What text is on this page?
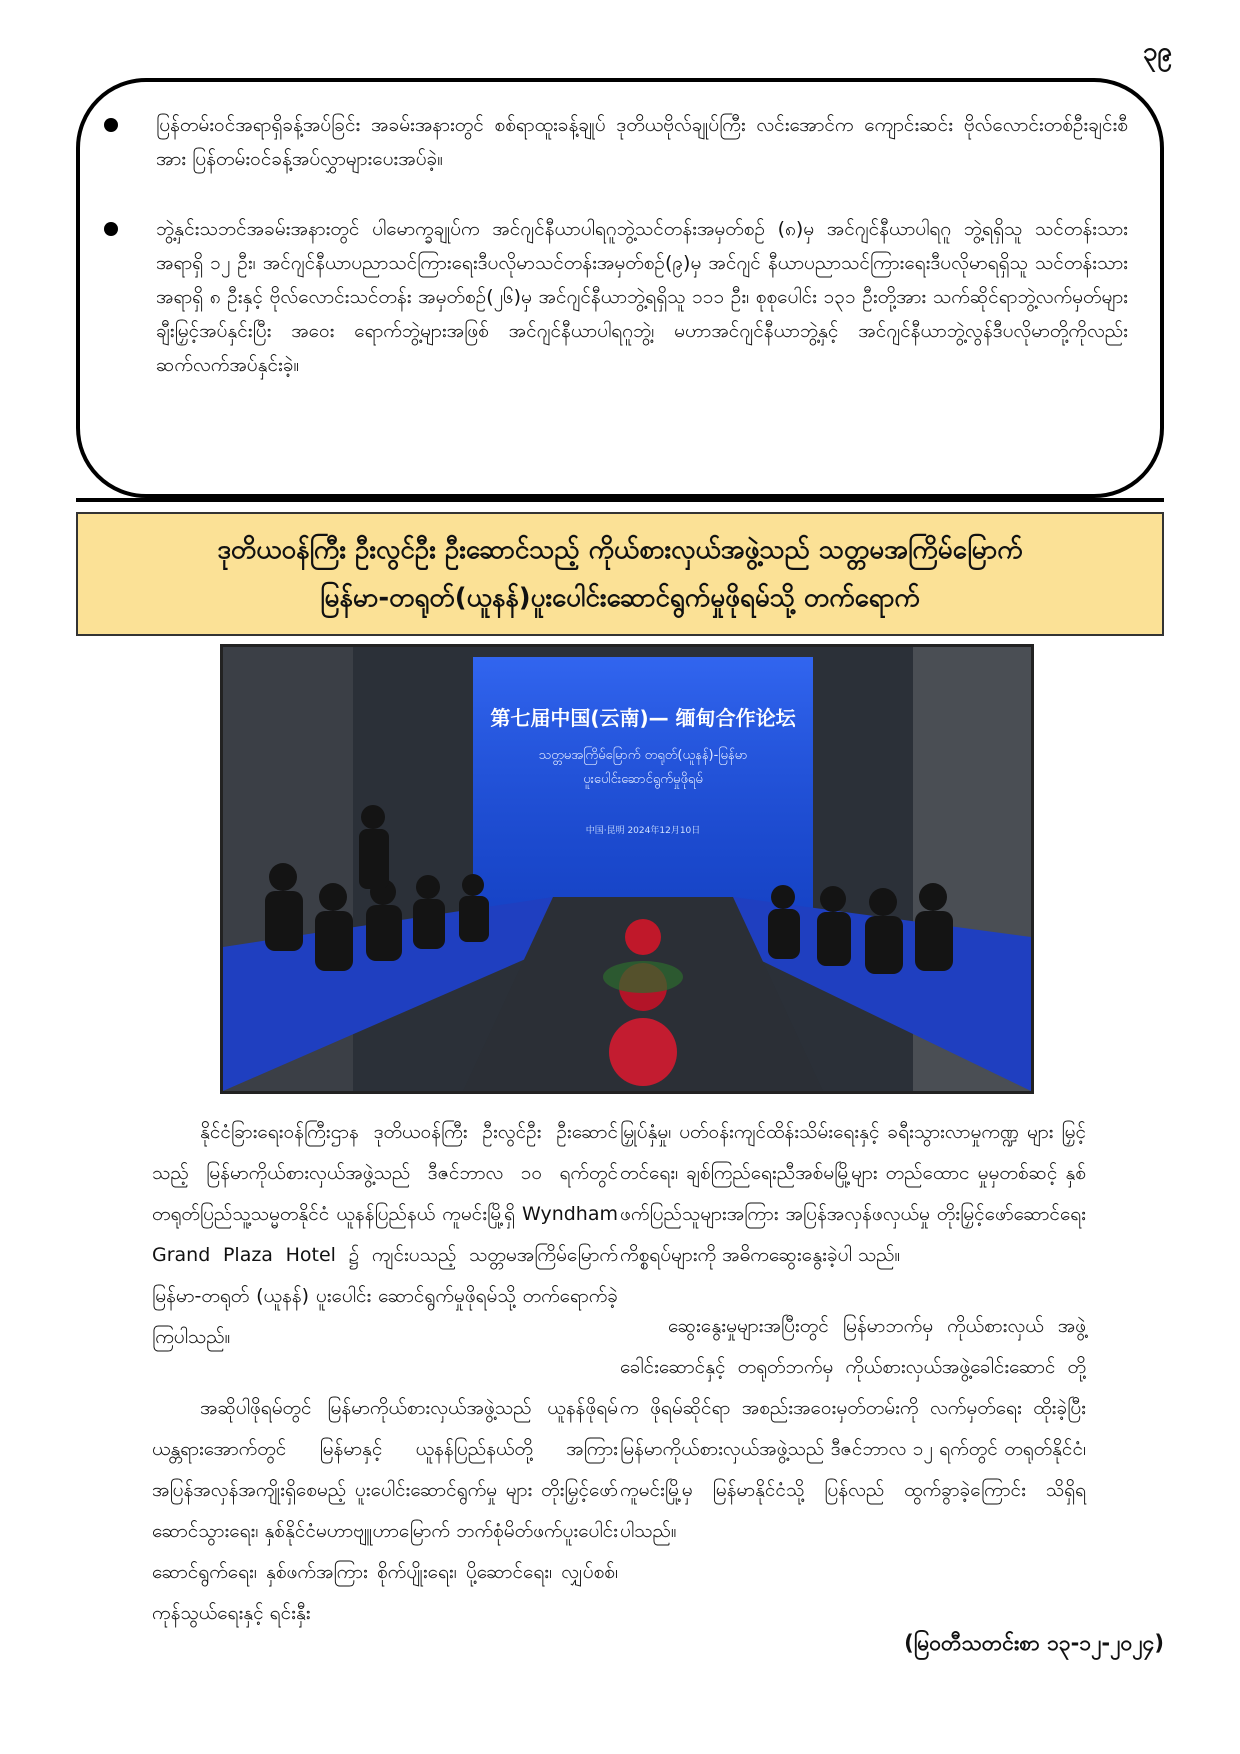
၃၉
ပြန်တမ်းဝင်အရာရှိခန့်အပ်ခြင်း အခမ်းအနားတွင် စစ်ရာထူးခန့်ချုပ် ဒုတိယဗိုလ်ချုပ်ကြီး လင်းအောင်က ကျောင်းဆင်း ဗိုလ်လောင်းတစ်ဦးချင်းစီအား ပြန်တမ်းဝင်ခန့်အပ်လွှာများပေးအပ်ခဲ့။
ဘွဲ့နှင်းသဘင်အခမ်းအနားတွင် ပါမောက္ခချုပ်က အင်ဂျင်နီယာပါရဂူဘွဲ့သင်တန်းအမှတ်စဉ် (၈)မှ အင်ဂျင်နီယာပါရဂူ ဘွဲ့ရရှိသူ သင်တန်းသားအရာရှိ ၁၂ ဦး၊ အင်ဂျင်နီယာပညာသင်ကြားရေးဒီပလိုမာသင်တန်းအမှတ်စဉ်(၉)မှ အင်ဂျင် နီယာပညာသင်ကြားရေးဒီပလိုမာရရှိသူ သင်တန်းသားအရာရှိ ၈ ဦးနှင့် ဗိုလ်လောင်းသင်တန်း အမှတ်စဉ်(၂၆)မှ အင်ဂျင်နီယာဘွဲ့ရရှိသူ ၁၁၁ ဦး၊ စုစုပေါင်း ၁၃၁ ဦးတို့အား သက်ဆိုင်ရာဘွဲ့လက်မှတ်များ ချီးမြှင့်အပ်နှင်းပြီး အဝေး ရောက်ဘွဲ့များအဖြစ် အင်ဂျင်နီယာပါရဂူဘွဲ့၊ မဟာအင်ဂျင်နီယာဘွဲ့နှင့် အင်ဂျင်နီယာဘွဲ့လွန်ဒီပလိုမာတို့ကိုလည်း ဆက်လက်အပ်နှင်းခဲ့။
ဒုတိယဝန်ကြီး ဦးလွင်ဦး ဦးဆောင်သည့် ကိုယ်စားလှယ်အဖွဲ့သည် သတ္တမအကြိမ်မြောက်
မြန်မာ-တရုတ်(ယူနန်)ပူးပေါင်းဆောင်ရွက်မှုဖိုရမ်သို့ တက်ရောက်
第七届中国(云南)— 缅甸合作论坛
သတ္တမအကြိမ်မြောက် တရုတ်(ယူနန်)-မြန်မာ
ပူးပေါင်းဆောင်ရွက်မှုဖိုရမ်
中国·昆明 2024年12月10日

နိုင်ငံခြားရေးဝန်ကြီးဌာန ဒုတိယဝန်ကြီး ဦးလွင်ဦး ဦးဆောင်သည့် မြန်မာကိုယ်စားလှယ်အဖွဲ့သည် ဒီဇင်ဘာလ ၁၀ ရက်တွင် တရုတ်ပြည်သူ့သမ္မတနိုင်ငံ ယူနန်ပြည်နယ် ကူမင်းမြို့ရှိ Wyndham Grand Plaza Hotel ၌ ကျင်းပသည့် သတ္တမအကြိမ်မြောက် မြန်မာ-တရုတ် (ယူနန်) ပူးပေါင်း ဆောင်ရွက်မှုဖိုရမ်သို့ တက်ရောက်ခဲ့ကြပါသည်။

အဆိုပါဖိုရမ်တွင် မြန်မာကိုယ်စားလှယ်အဖွဲ့သည် ယူနန်ဖိုရမ်ယန္တရားအောက်တွင် မြန်မာနှင့် ယူနန်ပြည်နယ်တို့ အကြား အပြန်အလှန်အကျိုးရှိစေမည့် ပူးပေါင်းဆောင်ရွက်မှု များ တိုးမြှင့်ဖော်ဆောင်သွားရေး၊ နှစ်နိုင်ငံမဟာဗျူဟာမြောက် ဘက်စုံမိတ်ဖက်ပူးပေါင်းဆောင်ရွက်ရေး၊ နှစ်ဖက်အကြား စိုက်ပျိုးရေး၊ ပို့ဆောင်ရေး၊ လျှပ်စစ်၊ ကုန်သွယ်ရေးနှင့် ရင်းနှီး

မြှုပ်နှံမှု၊ ပတ်ဝန်းကျင်ထိန်းသိမ်းရေးနှင့် ခရီးသွားလာမှုကဏ္ဍ များ မြှင့်တင်ရေး၊ ချစ်ကြည်ရေးညီအစ်မမြို့များ တည်ထောင မှုမှတစ်ဆင့် နှစ်ဖက်ပြည်သူများအကြား အပြန်အလှန်ဖလှယ်မှု တိုးမြှင့်ဖော်ဆောင်ရေးကိစ္စရပ်များကို အဓိကဆွေးနွေးခဲ့ပါ သည်။

ဆွေးနွေးမှုများအပြီးတွင် မြန်မာဘက်မှ ကိုယ်စားလှယ် အဖွဲ့ခေါင်းဆောင်နှင့် တရုတ်ဘက်မှ ကိုယ်စားလှယ်အဖွဲ့ခေါင်းဆောင် တို့က ဖိုရမ်ဆိုင်ရာ အစည်းအဝေးမှတ်တမ်းကို လက်မှတ်ရေး ထိုးခဲ့ပြီး မြန်မာကိုယ်စားလှယ်အဖွဲ့သည် ဒီဇင်ဘာလ ၁၂ ရက်တွင် တရုတ်နိုင်ငံ၊ ကူမင်းမြို့မှ မြန်မာနိုင်ငံသို့ ပြန်လည် ထွက်ခွာခဲ့ကြောင်း သိရှိရပါသည်။

(မြဝတီသတင်းစာ ၁၃-၁၂-၂၀၂၄)
